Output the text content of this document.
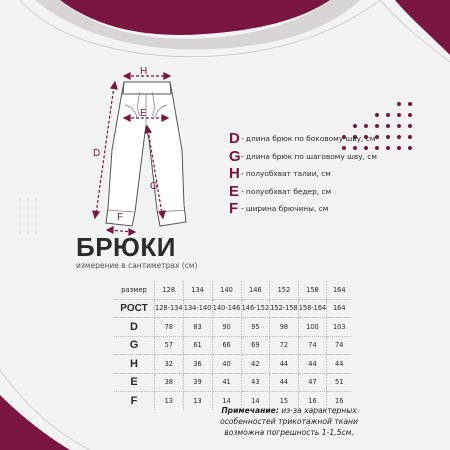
H
E
D
G
F
D - длина брюк по боковому шву, см
G - длина брюк по шаговому шву, см
H - полуобхват талии, см
E - полуобхват бедер, см
F - ширина брючины, см
БРЮКИ
измерение в сантиметрах (см)
размер	128	134	140	146	152	158	164
РОСТ	128-134	134-140	140-146	146-152	152-158	158-164	164
D	78	83	90	95	98	100	103
G	57	61	66	69	72	74	74
H	32	36	40	42	44	44	44
E	38	39	41	43	44	47	51
F	13	13	14	14	15	16	16
Примечание: из-за характерных особенностей трикотажной ткани возможна погрешность 1-1,5см.
